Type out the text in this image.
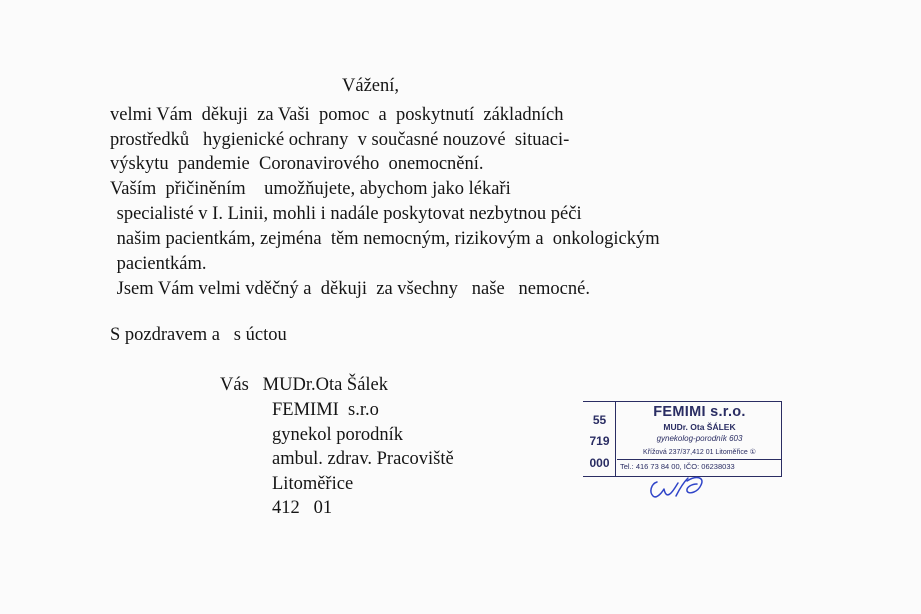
Vážení,
velmi Vám  děkuji  za Vaši  pomoc  a  poskytnutí  základních
prostředků   hygienické ochrany  v současné nouzové  situaci-
výskytu  pandemie  Coronavirového  onemocnění.
Vaším  přičiněním    umožňujete, abychom jako lékaři
specialisté v I. Linii, mohli i nadále poskytovat nezbytnou péči
našim pacientkám, zejména  těm nemocným, rizikovým a  onkologickým
pacientkám.
Jsem Vám velmi vděčný a  děkuji  za všechny   naše   nemocné.
S pozdravem a   s úctou
Vás   MUDr.Ota Šálek
FEMIMI  s.r.o
gynekol porodník
ambul. zdrav. Pracoviště
Litoměřice
412   01
55
719
000
FEMIMI s.r.o.
MUDr. Ota ŠÁLEK
gynekolog-porodník 603
Křížová 237/37,412 01 Litoměřice ①
Tel.: 416 73 84 00, IČO: 06238033
